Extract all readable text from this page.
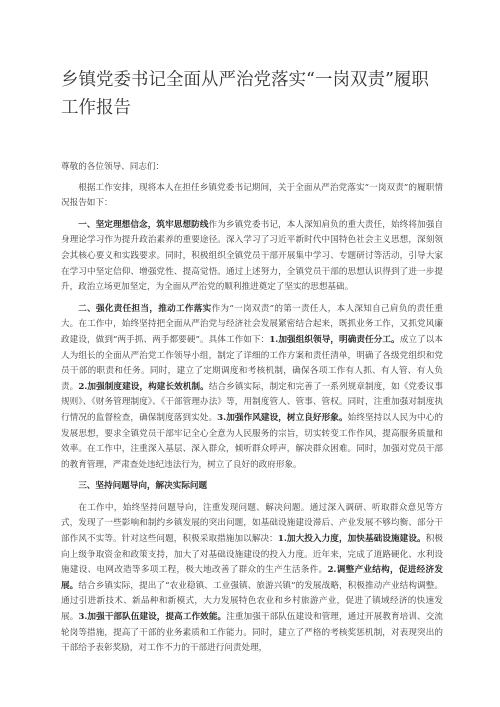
乡镇党委书记全面从严治党落实“一岗双责”履职工作报告

尊敬的各位领导、同志们：

根据工作安排，现将本人在担任乡镇党委书记期间，关于全面从严治党落实“一岗双责”的履职情况报告如下：

一、坚定理想信念，筑牢思想防线作为乡镇党委书记，本人深知肩负的重大责任，始终将加强自身理论学习作为提升政治素养的重要途径。深入学习了习近平新时代中国特色社会主义思想，深刻领会其核心要义和实践要求。同时，积极组织全镇党员干部开展集中学习、专题研讨等活动，引导大家在学习中坚定信仰、增强党性、提高觉悟。通过上述努力，全镇党员干部的思想认识得到了进一步提升，政治立场更加坚定，为全面从严治党的顺利推进奠定了坚实的思想基础。

二、强化责任担当，推动工作落实作为“一岗双责”的第一责任人，本人深知自己肩负的责任重大。在工作中，始终坚持把全面从严治党与经济社会发展紧密结合起来，既抓业务工作，又抓党风廉政建设，做到“两手抓、两手都要硬”。具体工作如下：1.加强组织领导，明确责任分工。成立了以本人为组长的全面从严治党工作领导小组，制定了详细的工作方案和责任清单，明确了各级党组织和党员干部的职责和任务。同时，建立了定期调度和考核机制，确保各项工作有人抓、有人管、有人负责。2.加强制度建设，构建长效机制。结合乡镇实际，制定和完善了一系列规章制度，如《党委议事规则》、《财务管理制度》、《干部管理办法》等，用制度管人、管事、管权。同时，注重加强对制度执行情况的监督检查，确保制度落到实处。3.加强作风建设，树立良好形象。始终坚持以人民为中心的发展思想，要求全镇党员干部牢记全心全意为人民服务的宗旨，切实转变工作作风，提高服务质量和效率。在工作中，注重深入基层、深入群众，倾听群众呼声，解决群众困难。同时，加强对党员干部的教育管理，严肃查处违纪违法行为，树立了良好的政府形象。

三、坚持问题导向，解决实际问题

在工作中，始终坚持问题导向，注重发现问题、解决问题。通过深入调研、听取群众意见等方式，发现了一些影响和制约乡镇发展的突出问题，如基础设施建设滞后、产业发展不够均衡、部分干部作风不实等。针对这些问题，积极采取措施加以解决：1.加大投入力度，加快基础设施建设。积极向上级争取资金和政策支持，加大了对基础设施建设的投入力度。近年来，完成了道路硬化、水利设施建设、电网改造等多项工程，极大地改善了群众的生产生活条件。2.调整产业结构，促进经济发展。结合乡镇实际，提出了“农业稳镇、工业强镇、旅游兴镇”的发展战略，积极推动产业结构调整。通过引进新技术、新品种和新模式，大力发展特色农业和乡村旅游产业，促进了镇域经济的快速发展。3.加强干部队伍建设，提高工作效能。注重加强干部队伍建设和管理，通过开展教育培训、交流轮岗等措施，提高了干部的业务素质和工作能力。同时，建立了严格的考核奖惩机制，对表现突出的干部给予表彰奖励，对工作不力的干部进行问责处理，
